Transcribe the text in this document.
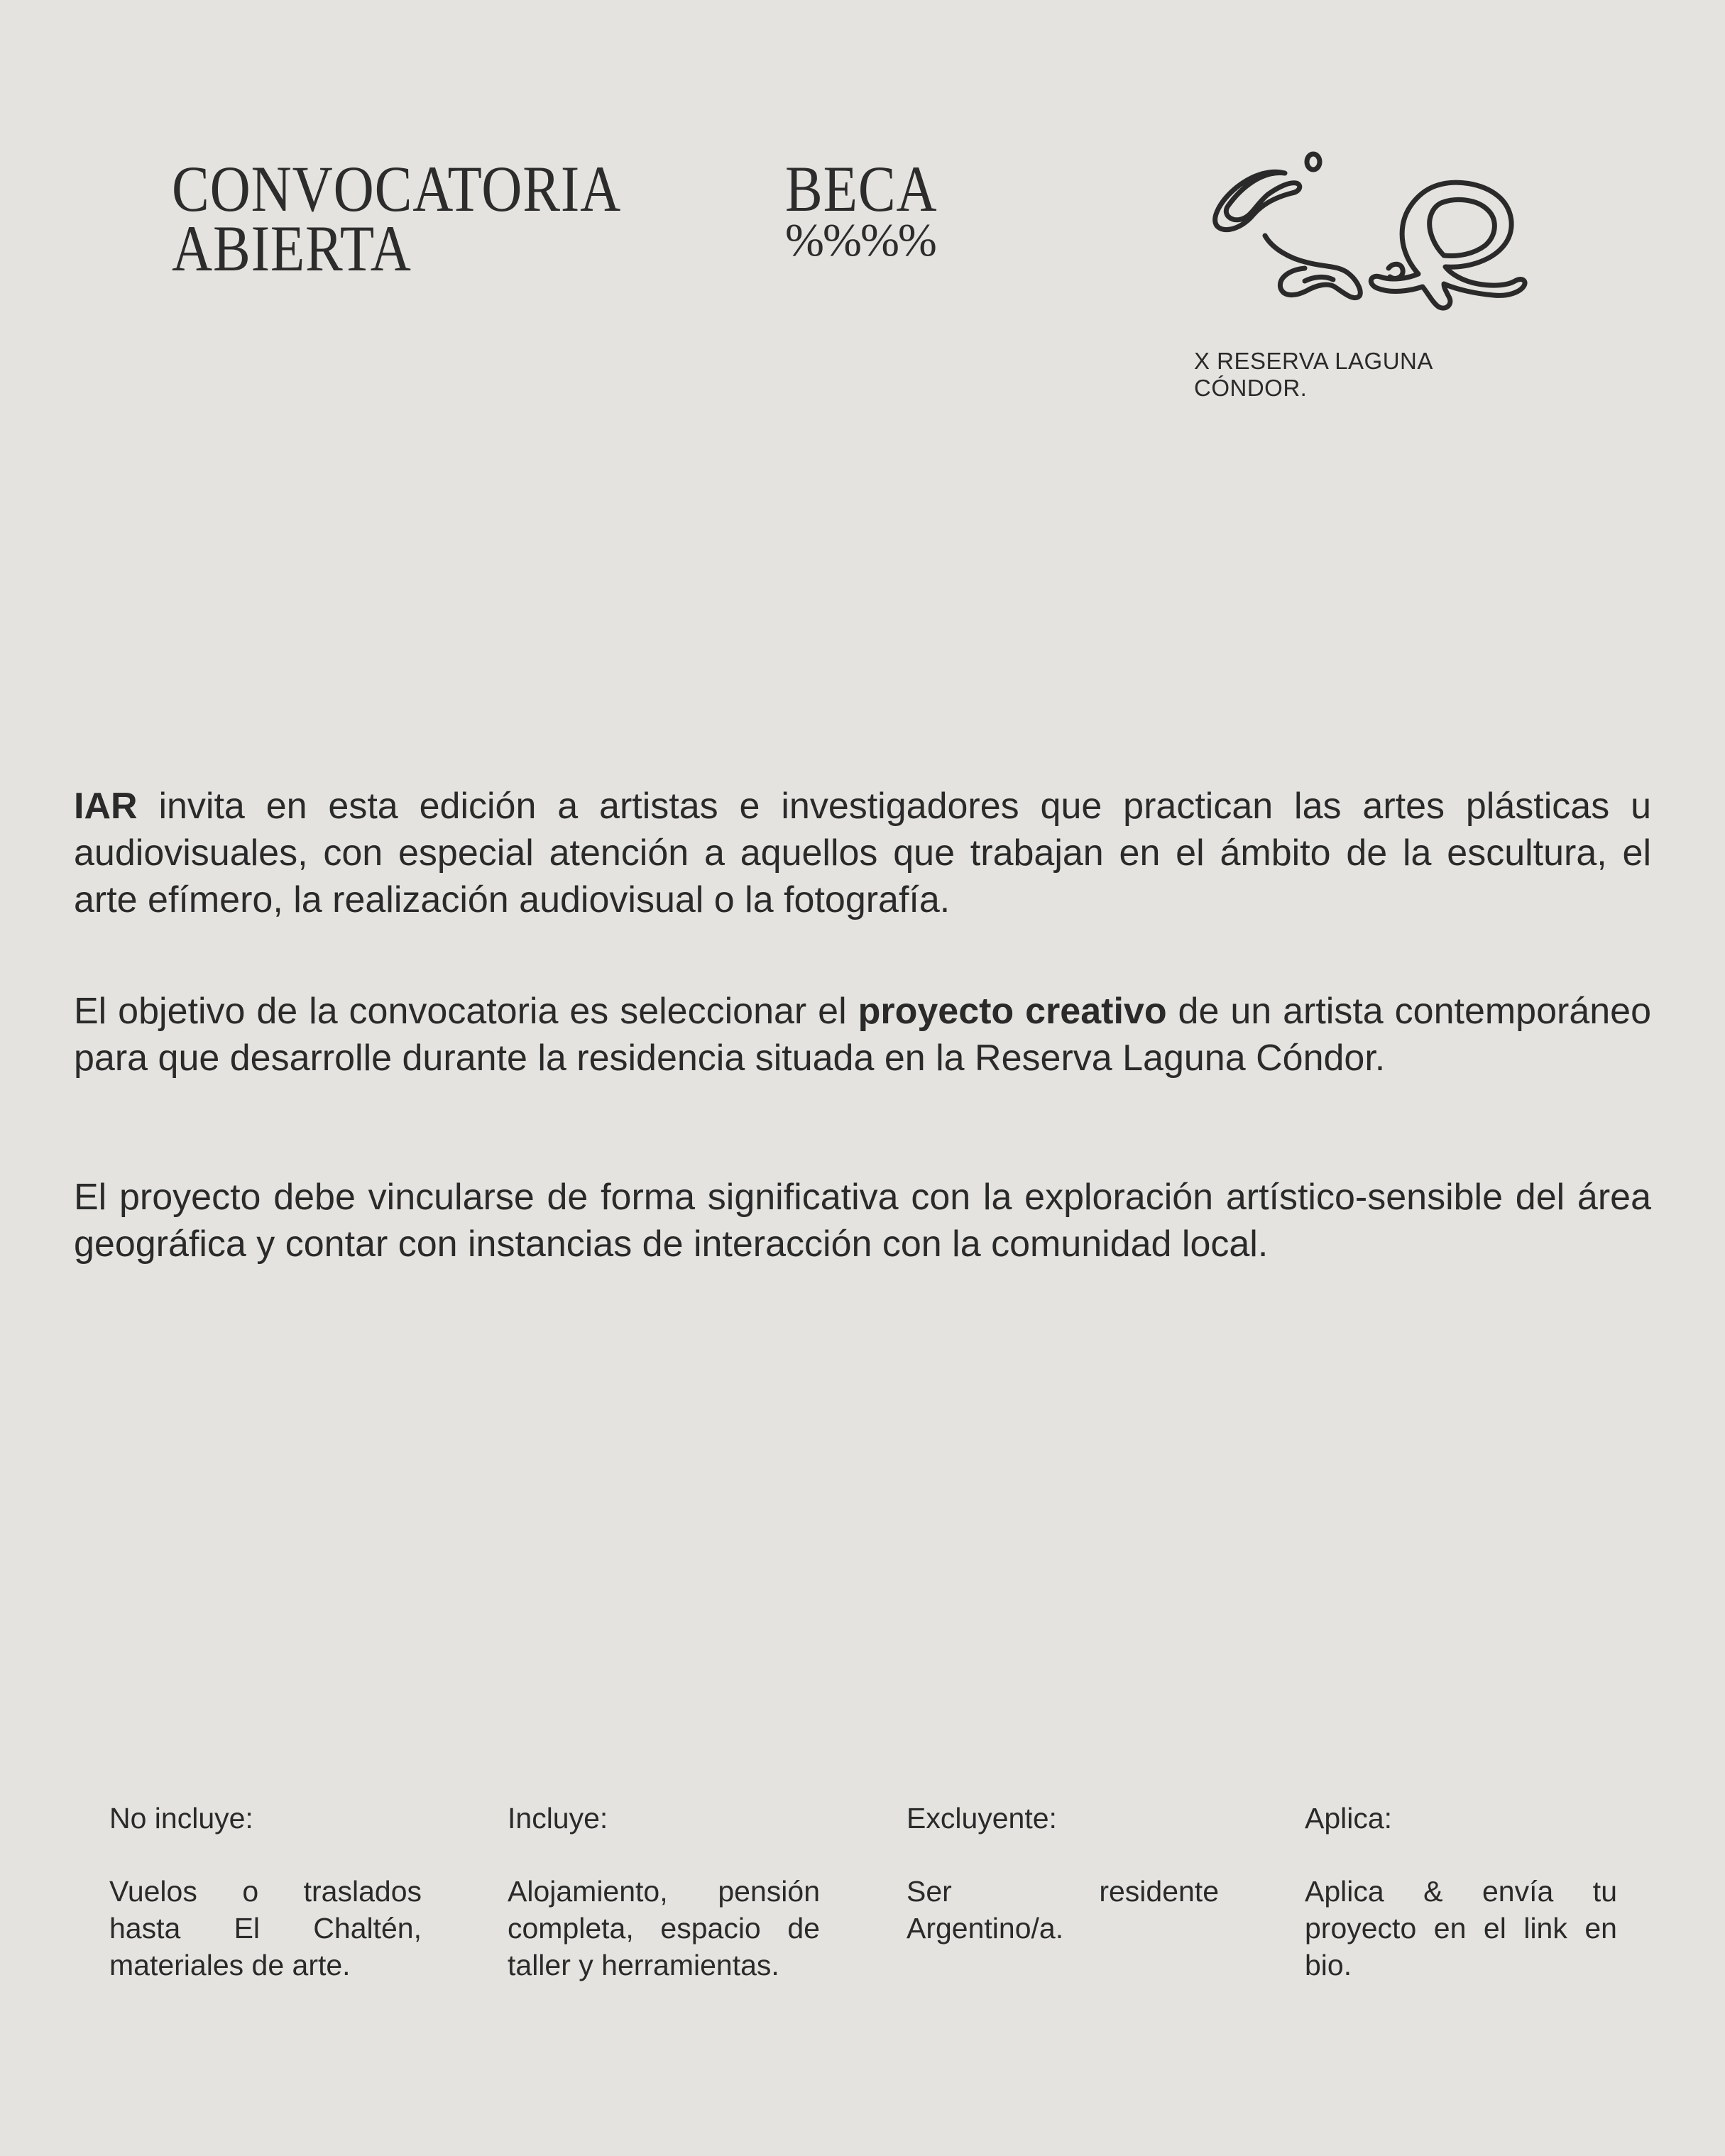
CONVOCATORIA
ABIERTA
BECA
%%%%
X RESERVA LAGUNA
CÓNDOR.

IAR invita en esta edición a artistas e investigadores que practican las artes plásticas u audiovisuales, con especial atención a aquellos que trabajan en el ámbito de la escultura, el arte efímero, la realización audiovisual o la fotografía.

El objetivo de la convocatoria es seleccionar el proyecto creativo de un artista contemporáneo para que desarrolle durante la residencia situada en la Reserva Laguna Cóndor.

El proyecto debe vincularse de forma significativa con la exploración artístico-sensible del área geográfica y contar con instancias de interacción con la comunidad local.

No incluye:
Vuelos o traslados hasta El Chaltén, materiales de arte.
Incluye:
Alojamiento, pensión completa, espacio de taller y herramientas.
Excluyente:
Ser residente Argentino/a.
Aplica:
Aplica & envía tu proyecto en el link en bio.
